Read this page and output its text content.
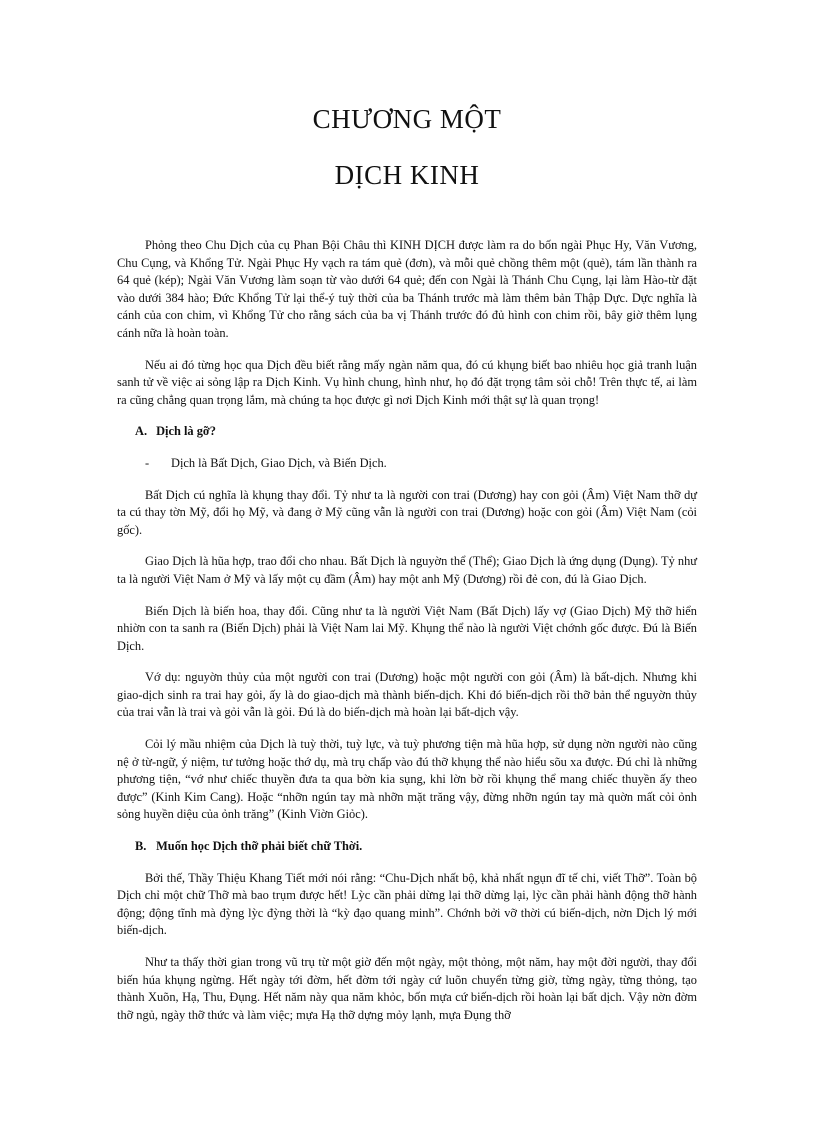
CHƯƠNG MỘT
DỊCH KINH

Phỏng theo Chu Dịch của cụ Phan Bội Châu thì KINH DỊCH được làm ra do bốn ngài Phục Hy, Văn Vương, Chu Cụng, và Khổng Tử. Ngài Phục Hy vạch ra tám quẻ (đơn), và mỗi quẻ chồng thêm một (quẻ), tám lần thành ra 64 quẻ (kép); Ngài Văn Vương làm soạn từ vào dưới 64 quẻ; đến con Ngài là Thánh Chu Cụng, lại làm Hào-từ đặt vào dưới 384 hào; Đức Khổng Tử lại thể-ý tuỳ thời của ba Thánh trước mà làm thêm bản Thập Dực. Dực nghĩa là cánh của con chim, vì Khổng Tử cho rằng sách của ba vị Thánh trước đó đủ hình con chim rồi, bây giờ thêm lụng cánh nữa là hoàn toàn.

Nếu ai đó từng học qua Dịch đều biết rằng mấy ngàn năm qua, đó cú khụng biết bao nhiêu học giả tranh luận sanh tử về việc ai sỏng lập ra Dịch Kinh. Vụ hình chung, hình như, họ đó đặt trọng tâm sỏi chỗ! Trên thực tế, ai làm ra cũng chẳng quan trọng lắm, mà chúng ta học được gì nơi Dịch Kinh mới thật sự là quan trọng!

A. Dịch là gỡ?
- Dịch là Bất Dịch, Giao Dịch, và Biến Dịch.

Bất Dịch cú nghĩa là khụng thay đổi. Tỷ như ta là người con trai (Dương) hay con gỏi (Âm) Việt Nam thỡ dự ta cú thay tờn Mỹ, đổi họ Mỹ, và đang ở Mỹ cũng vẫn là người con trai (Dương) hoặc con gỏi (Âm) Việt Nam (cỏi gốc).

Giao Dịch là hũa hợp, trao đổi cho nhau. Bất Dịch là nguyờn thể (Thể); Giao Dịch là ứng dụng (Dụng). Tỷ như ta là người Việt Nam ở Mỹ và lấy một cụ đầm (Âm) hay một anh Mỹ (Dương) rồi đẻ con, đú là Giao Dịch.

Biến Dịch là biến hoa, thay đổi. Cũng như ta là người Việt Nam (Bất Dịch) lấy vợ (Giao Dịch) Mỹ thỡ hiển nhiờn con ta sanh ra (Biến Dịch) phải là Việt Nam lai Mỹ. Khụng thể nào là người Việt chớnh gốc được. Đú là Biến Dịch.

Vớ dụ: nguyờn thủy của một người con trai (Dương) hoặc một người con gỏi (Âm) là bất-dịch. Nhưng khi giao-dịch sinh ra trai hay gỏi, ấy là do giao-dịch mà thành biến-dịch. Khi đó biến-dịch rồi thỡ bản thể nguyờn thủy của trai vẫn là trai và gỏi vẫn là gỏi. Đú là do biến-dịch mà hoàn lại bất-dịch vậy.

Cỏi lý mầu nhiệm của Dịch là tuỳ thời, tuỳ lực, và tuỳ phương tiện mà hũa hợp, sử dụng nờn người nào cũng nệ ở từ-ngữ, ý niệm, tư tưởng hoặc thớ dụ, mà trụ chấp vào đú thỡ khụng thể nào hiểu sõu xa được. Đú chỉ là những phương tiện, “vớ như chiếc thuyền đưa ta qua bờn kia sụng, khi lờn bờ rồi khụng thể mang chiếc thuyền ấy theo được” (Kinh Kim Cang). Hoặc “nhỡn ngún tay mà nhỡn mặt trăng vậy, đừng nhỡn ngún tay mà quờn mất cỏi ỏnh sỏng huyền diệu của ỏnh trăng” (Kinh Viờn Giỏc).

B. Muốn học Dịch thỡ phải biết chữ Thời.

Bởi thế, Thầy Thiệu Khang Tiết mới nói rằng: “Chu-Dịch nhất bộ, khả nhất ngụn đĩ tế chi, viết Thỡ”. Toàn bộ Dịch chỉ một chữ Thỡ mà bao trụm được hết! Lỳc cần phải dừng lại thỡ dừng lại, lỳc cần phải hành động thỡ hành động; động tĩnh mà đỳng lỳc đỳng thời là “kỳ đạo quang minh”. Chớnh bởi vỡ thời cú biến-dịch, nờn Dịch lý mới biến-dịch.

Như ta thấy thời gian trong vũ trụ từ một giờ đến một ngày, một thỏng, một năm, hay một đời người, thay đổi biến húa khụng ngừng. Hết ngày tới đờm, hết đờm tới ngày cứ luõn chuyển từng giờ, từng ngày, từng thỏng, tạo thành Xuõn, Hạ, Thu, Đụng. Hết năm này qua năm khỏc, bốn mựa cứ biến-dịch rồi hoàn lại bất dịch. Vậy nờn đờm thỡ ngủ, ngày thỡ thức và làm việc; mựa Hạ thỡ dựng mỏy lạnh, mựa Đụng thỡ
